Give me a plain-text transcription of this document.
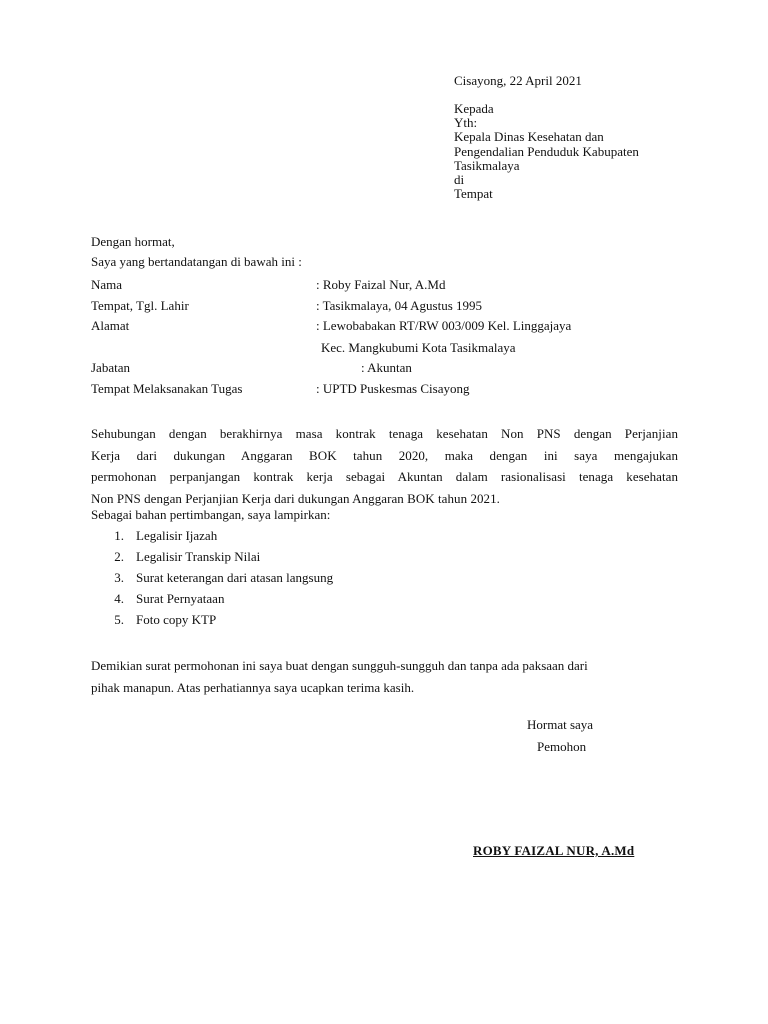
Cisayong, 22 April 2021
Kepada
Yth:
Kepala Dinas Kesehatan dan
Pengendalian Penduduk Kabupaten
Tasikmalaya
di
Tempat
Dengan hormat,
Saya yang bertandatangan di bawah ini :
Nama	: Roby Faizal Nur, A.Md
Tempat, Tgl. Lahir	: Tasikmalaya, 04 Agustus 1995
Alamat	: Lewobabakan RT/RW 003/009 Kel. Linggajaya
Kec. Mangkubumi Kota Tasikmalaya
Jabatan	: Akuntan
Tempat Melaksanakan Tugas	: UPTD Puskesmas Cisayong
Sehubungan dengan berakhirnya masa kontrak tenaga kesehatan Non PNS dengan Perjanjian
Kerja dari dukungan Anggaran BOK tahun 2020, maka dengan ini saya mengajukan
permohonan perpanjangan kontrak kerja sebagai Akuntan dalam rasionalisasi tenaga kesehatan
Non PNS dengan Perjanjian Kerja dari dukungan Anggaran BOK tahun 2021.
Sebagai bahan pertimbangan, saya lampirkan:
1. Legalisir Ijazah
2. Legalisir Transkip Nilai
3. Surat keterangan dari atasan langsung
4. Surat Pernyataan
5. Foto copy KTP
Demikian surat permohonan ini saya buat dengan sungguh-sungguh dan tanpa ada paksaan dari
pihak manapun. Atas perhatiannya saya ucapkan terima kasih.
Hormat saya
Pemohon
ROBY FAIZAL NUR, A.Md
